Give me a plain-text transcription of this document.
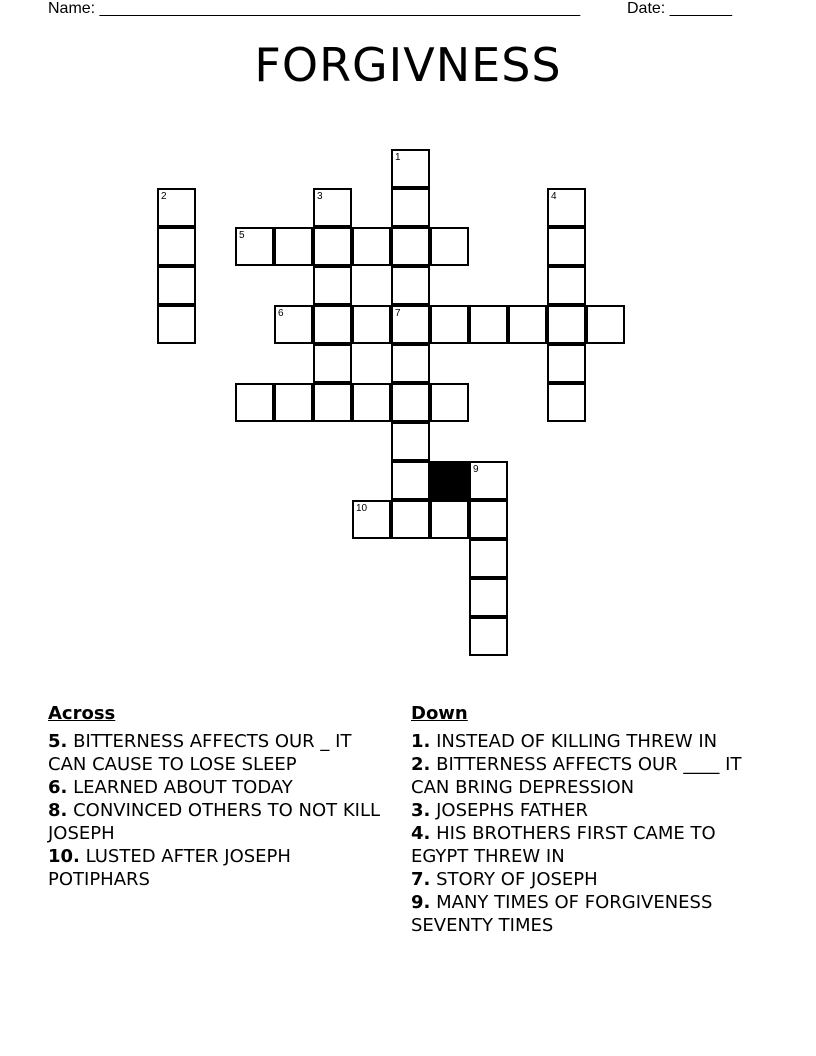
Name: ______________________________________________________	Date: _______
FORGIVNESS
1
7
2	3	4
5
6
9
10
Across
5. BITTERNESS AFFECTS OUR _ IT CAN CAUSE TO LOSE SLEEP
6. LEARNED ABOUT TODAY
8. CONVINCED OTHERS TO NOT KILL JOSEPH
10. LUSTED AFTER JOSEPH POTIPHARS
Down
1. INSTEAD OF KILLING THREW IN
2. BITTERNESS AFFECTS OUR ____ IT CAN BRING DEPRESSION
3. JOSEPHS FATHER
4. HIS BROTHERS FIRST CAME TO EGYPT THREW IN
7. STORY OF JOSEPH
9. MANY TIMES OF FORGIVENESS SEVENTY TIMES
